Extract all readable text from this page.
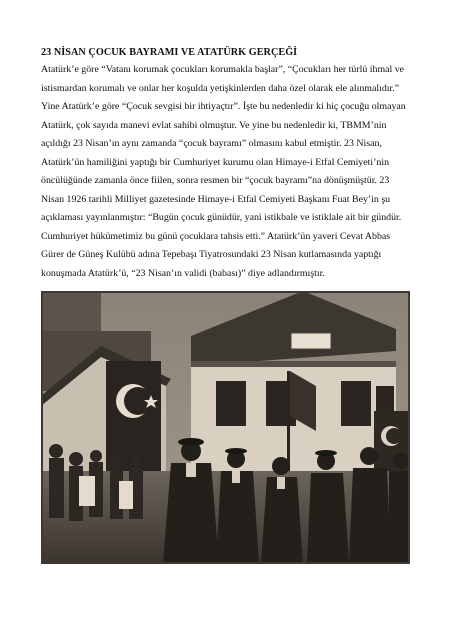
23 NİSAN ÇOCUK BAYRAMI VE ATATÜRK GERÇEĞİ
Atatürk’e göre “Vatanı korumak çocukları korumakla başlar”, “Çocukları her türlü ihmal ve
istismardan korumalı ve onlar her koşulda yetişkinlerden daha özel olarak ele alınmalıdır.”
Yine Atatürk’e göre “Çocuk sevgisi bir ihtiyaçtır”. İşte bu nedenledir ki hiç çocuğu olmayan
Atatürk, çok sayıda manevi evlat sahibi olmuştur. Ve yine bu nedenledir ki, TBMM’nin
açıldığı 23 Nisan’ın aynı zamanda “çocuk bayramı” olmasını kabul etmiştir. 23 Nisan,
Atatürk’ün hamiliğini yaptığı bir Cumhuriyet kurumu olan Himaye-i Etfal Cemiyeti’nin
öncülüğünde zamanla önce fiilen, sonra resmen bir “çocuk bayramı”na dönüşmüştür. 23
Nisan 1926 tarihli Milliyet gazetesinde Himaye-i Etfal Cemiyeti Başkanı Fuat Bey’in şu
açıklaması yayınlanmıştır: “Bugün çocuk günüdür, yani istikbale ve istiklale ait bir gündür.
Cumhuriyet hükümetimiz bu günü çocuklara tahsis etti.” Atatürk’ün yaveri Cevat Abbas
Gürer de Güneş Kulübü adına Tepebaşı Tiyatrosundaki 23 Nisan kutlamasında yaptığı
konuşmada Atatürk’ü, “23 Nisan’ın validi (babası)” diye adlandırmıştır.
